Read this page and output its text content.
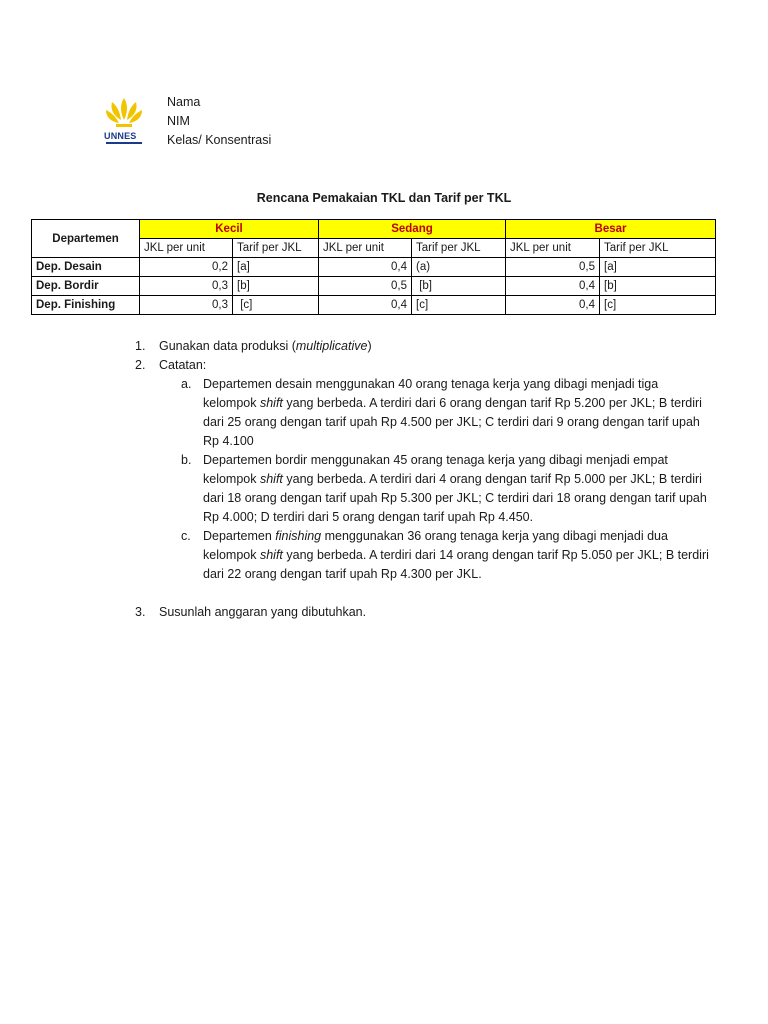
UNNES
Nama
NIM
Kelas/ Konsentrasi
Rencana Pemakaian TKL dan Tarif per TKL
Departemen	Kecil		Sedang		Besar	
	JKL per unit	Tarif per JKL	JKL per unit	Tarif per JKL	JKL per unit	Tarif per JKL
Dep. Desain	0,2	[a]	0,4	(a)	0,5	[a]
Dep. Bordir	0,3	[b]	0,5	[b]	0,4	[b]
Dep. Finishing	0,3	[c]	0,4	[c]	0,4	[c]
1. Gunakan data produksi (multiplicative)
2. Catatan:
a. Departemen desain menggunakan 40 orang tenaga kerja yang dibagi menjadi tiga kelompok shift yang berbeda. A terdiri dari 6 orang dengan tarif Rp 5.200 per JKL; B terdiri dari 25 orang dengan tarif upah Rp 4.500 per JKL; C terdiri dari 9 orang dengan tarif upah Rp 4.100
b. Departemen bordir menggunakan 45 orang tenaga kerja yang dibagi menjadi empat kelompok shift yang berbeda. A terdiri dari 4 orang dengan tarif Rp 5.000 per JKL; B terdiri dari 18 orang dengan tarif upah Rp 5.300 per JKL; C terdiri dari 18 orang dengan tarif upah Rp 4.000; D terdiri dari 5 orang dengan tarif upah Rp 4.450.
c. Departemen finishing menggunakan 36 orang tenaga kerja yang dibagi menjadi dua kelompok shift yang berbeda. A terdiri dari 14 orang dengan tarif Rp 5.050 per JKL; B terdiri dari 22 orang dengan tarif upah Rp 4.300 per JKL.
3. Susunlah anggaran yang dibutuhkan.
